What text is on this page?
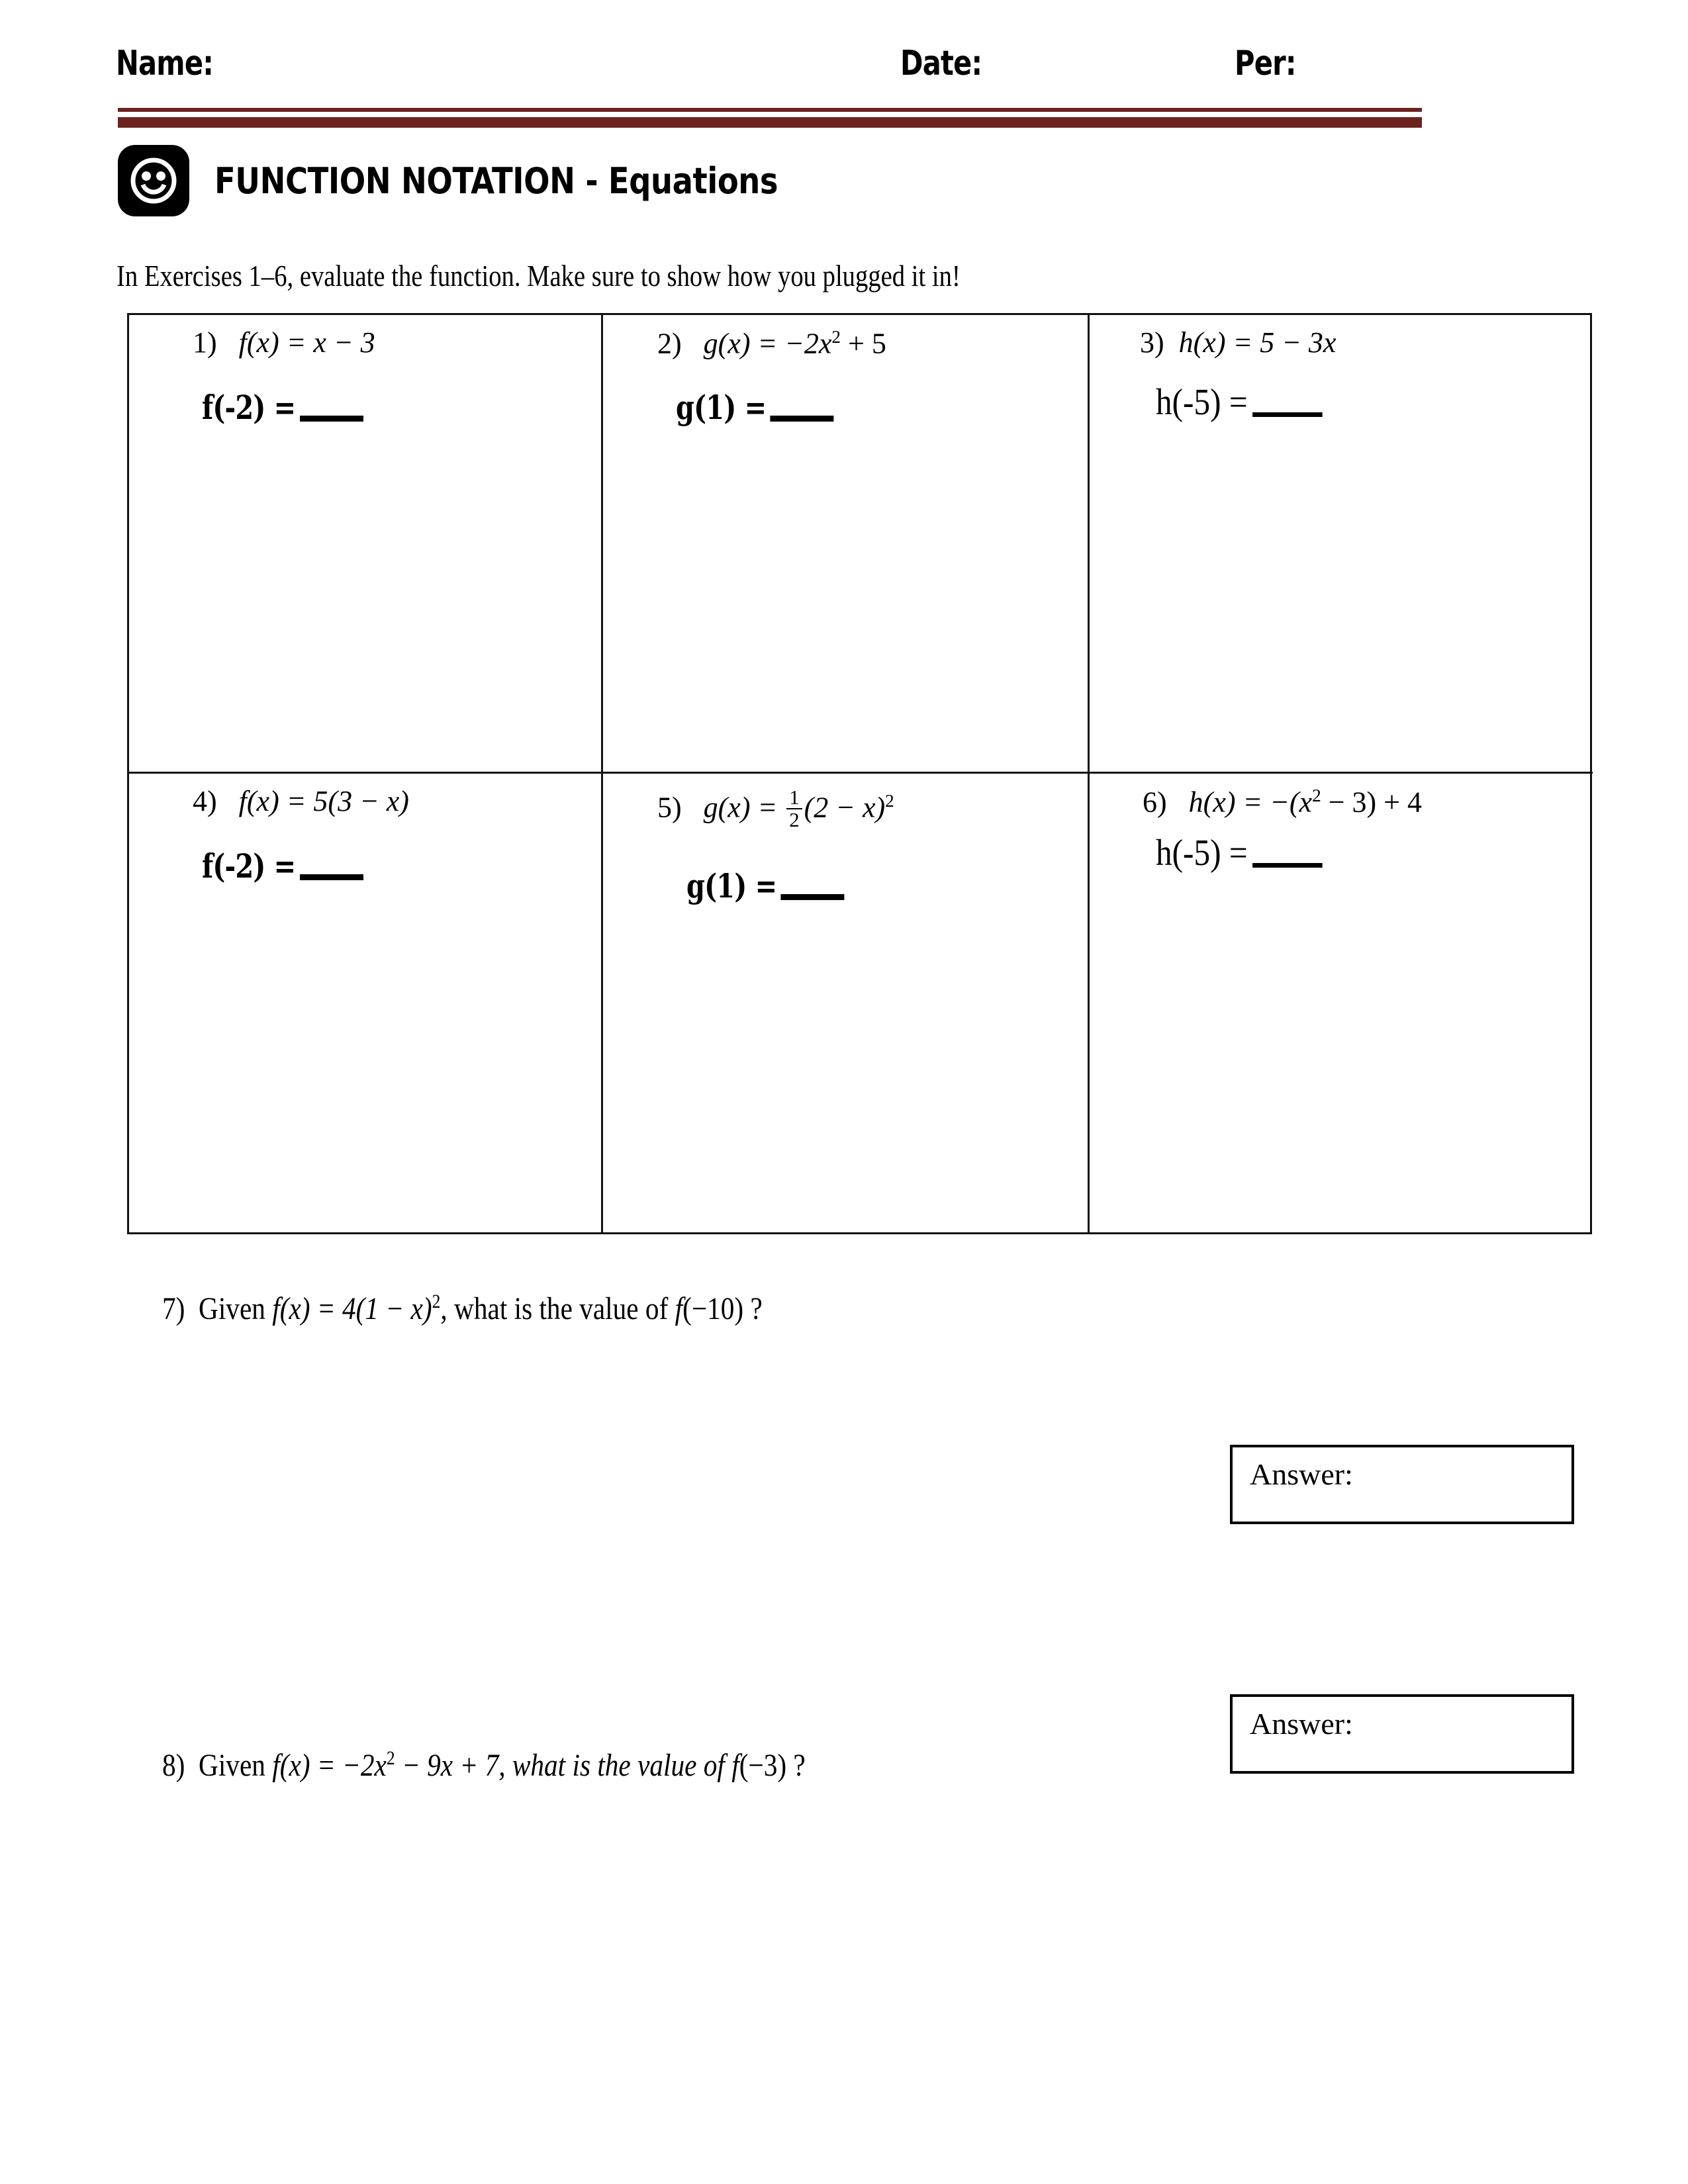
Name:	Date:	Per:
FUNCTION NOTATION - Equations
In Exercises 1–6, evaluate the function. Make sure to show how you plugged it in!
1) f(x) = x − 3
f(-2) =
2) $g(x) = -2x^2 + 5$
g(1) =
3) h(x) = 5 − 3x
h(-5) =
4) f(x) = 5(3 − x)
f(-2) =
5) $g(x) = \frac{1}{2} (2 - x)^2$
g(1) =
6) $h(x) = -(x^2 - 3) + 4$
h(-5) =
7) Given $f(x) = 4(1 - x)^2$, what is the value of f(−10) ?
Answer:
8) Given $f(x) = -2x^2 - 9x + 7$, what is the value of f(−3) ?
Answer:
